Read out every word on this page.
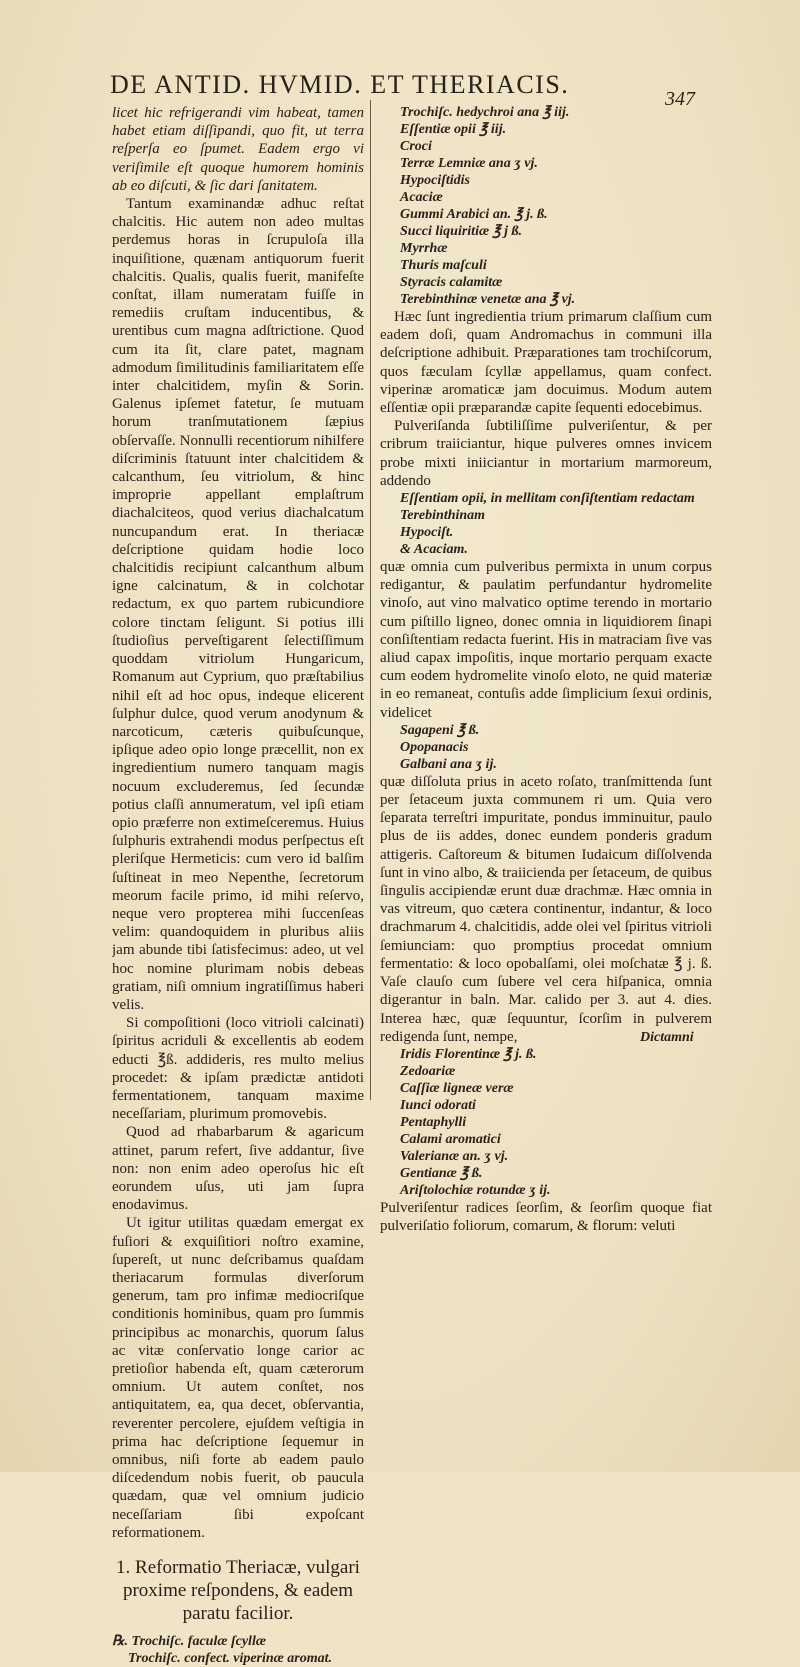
DE ANTID. HVMID. ET THERIACIS.	347

licet hic refrigerandi vim habeat, tamen habet etiam diſſipandi, quo fit, ut terra reſperſa eo ſpumet. Eadem ergo vi veriſimile eſt quoque humorem hominis ab eo diſcuti, & ſic dari ſanitatem.

Tantum examinandæ adhuc reſtat chalcitis. Hic autem non adeo multas perdemus horas in ſcrupuloſa illa inquiſitione, quænam antiquorum fuerit chalcitis. Qualis, qualis fuerit, manifeſte conſtat, illam numeratam fuiſſe in remediis cruſtam inducentibus, & urentibus cum magna adſtrictione. Quod cum ita ſit, clare patet, magnam admodum ſimilitudinis familiaritatem eſſe inter chalcitidem, myſin & Sorin. Galenus ipſemet fatetur, ſe mutuam horum tranſmutationem ſæpius obſervaſſe. Nonnulli recentiorum nihilfere diſcriminis ſtatuunt inter chalcitidem & calcanthum, ſeu vitriolum, & hinc improprie appellant emplaſtrum diachalciteos, quod verius diachalcatum nuncupandum erat. In theriacæ deſcriptione quidam hodie loco chalcitidis recipiunt calcanthum album igne calcinatum, & in colchotar redactum, ex quo partem rubicundiore colore tinctam ſeligunt. Si potius illi ſtudioſius perveſtigarent ſelectiſſimum quoddam vitriolum Hungaricum, Romanum aut Cyprium, quo præſtabilius nihil eſt ad hoc opus, indeque elicerent ſulphur dulce, quod verum anodynum & narcoticum, cæteris quibuſcunque, ipſique adeo opio longe præcellit, non ex ingredientium numero tanquam magis nocuum excluderemus, ſed ſecundæ potius claſſi annumeratum, vel ipſi etiam opio præferre non extimeſceremus. Huius ſulphuris extrahendi modus perſpectus eſt pleriſque Hermeticis: cum vero id balſim ſuſtineat in meo Nepenthe, ſecretorum meorum facile primo, id mihi reſervo, neque vero propterea mihi ſuccenſeas velim: quandoquidem in pluribus aliis jam abunde tibi ſatisfecimus: adeo, ut vel hoc nomine plurimam nobis debeas gratiam, niſi omnium ingratiſſimus haberi velis.

Si compoſitioni (loco vitrioli calcinati) ſpiritus acriduli & excellentis ab eodem educti ℥ß. addideris, res multo melius procedet: & ipſam prædictæ antidoti fermentationem, tanquam maxime neceſſariam, plurimum promovebis.

Quod ad rhabarbarum & agaricum attinet, parum refert, ſive addantur, ſive non: non enim adeo operoſus hic eſt eorundem uſus, uti jam ſupra enodavimus.

Ut igitur utilitas quædam emergat ex fuſiori & exquiſitiori noſtro examine, ſupereſt, ut nunc deſcribamus quaſdam theriacarum formulas diverſorum generum, tam pro infimæ mediocriſque conditionis hominibus, quam pro ſummis principibus ac monarchis, quorum ſalus ac vitæ conſervatio longe carior ac pretioſior habenda eſt, quam cæterorum omnium. Ut autem conſtet, nos antiquitatem, ea, qua decet, obſervantia, reverenter percolere, ejuſdem veſtigia in prima hac deſcriptione ſequemur in omnibus, niſi forte ab eadem paulo diſcedendum nobis fuerit, ob paucula quædam, quæ vel omnium judicio neceſſariam ſibi expoſcant reformationem.

1. Reformatio Theriacæ, vulgari proxime reſpondens, & eadem paratu facilior.
℞. Trochiſc. faculæ ſcyllæ
Trochiſc. confect. viperinæ aromat.
Trochiſc. hedychroi ana ℥ iij.
Eſſentiæ opii ℥ iij.
Croci
Terræ Lemniæ ana ʒ vj.
Hypociſtidis
Acaciæ
Gummi Arabici an. ℥ j. ß.
Succi liquiritiæ ℥ j ß.
Myrrhæ
Thuris maſculi
Styracis calamitæ
Terebinthinæ venetæ ana ℥ vj.

Hæc ſunt ingredientia trium primarum claſſium cum eadem doſi, quam Andromachus in communi illa deſcriptione adhibuit. Præparationes tam trochiſcorum, quos fæculam ſcyllæ appellamus, quam confect. viperinæ aromaticæ jam docuimus. Modum autem eſſentiæ opii præparandæ capite ſequenti edocebimus.

Pulveriſanda ſubtiliſſime pulveriſentur, & per cribrum traiiciantur, hique pulveres omnes invicem probe mixti iniiciantur in mortarium marmoreum, addendo

Eſſentiam opii, in mellitam conſiſtentiam redactam
Terebinthinam
Hypociſt.
& Acaciam.

quæ omnia cum pulveribus permixta in unum corpus redigantur, & paulatim perfundantur hydromelite vinoſo, aut vino malvatico optime terendo in mortario cum piſtillo ligneo, donec omnia in liquidiorem ſinapi conſiſtentiam redacta fuerint. His in matraciam ſive vas aliud capax impoſitis, inque mortario perquam exacte cum eodem hydromelite vinoſo eloto, ne quid materiæ in eo remaneat, contuſis adde ſimplicium ſexui ordinis, videlicet

Sagapeni ℥ ß.
Opopanacis
Galbani ana ʒ ij.

quæ diſſoluta prius in aceto roſato, tranſmittenda ſunt per ſetaceum juxta communem ri um. Quia vero ſeparata terreſtri impuritate, pondus imminuitur, paulo plus de iis addes, donec eundem ponderis gradum attigeris. Caſtoreum & bitumen Iudaicum diſſolvenda ſunt in vino albo, & traiicienda per ſetaceum, de quibus ſingulis accipiendæ erunt duæ drachmæ. Hæc omnia in vas vitreum, quo cætera continentur, indantur, & loco drachmarum 4. chalcitidis, adde olei vel ſpiritus vitrioli ſemiunciam: quo promptius procedat omnium fermentatio: & loco opobalſami, olei moſchatæ ℥ j. ß. Vaſe clauſo cum ſubere vel cera hiſpanica, omnia digerantur in baln. Mar. calido per 3. aut 4. dies. Interea hæc, quæ ſequuntur, ſcorſim in pulverem redigenda ſunt, nempe,

Iridis Florentinæ ℥ j. ß.
Zedoariæ
Caſſiæ ligneæ veræ
Iunci odorati
Pentaphylli
Calami aromatici
Valerianæ an. ʒ vj.
Gentianæ ℥ ß.
Ariſtolochiæ rotundæ ʒ ij.

Pulveriſentur radices ſeorſim, & ſeorſim quoque fiat pulveriſatio foliorum, comarum, & florum: veluti

Dictamni
